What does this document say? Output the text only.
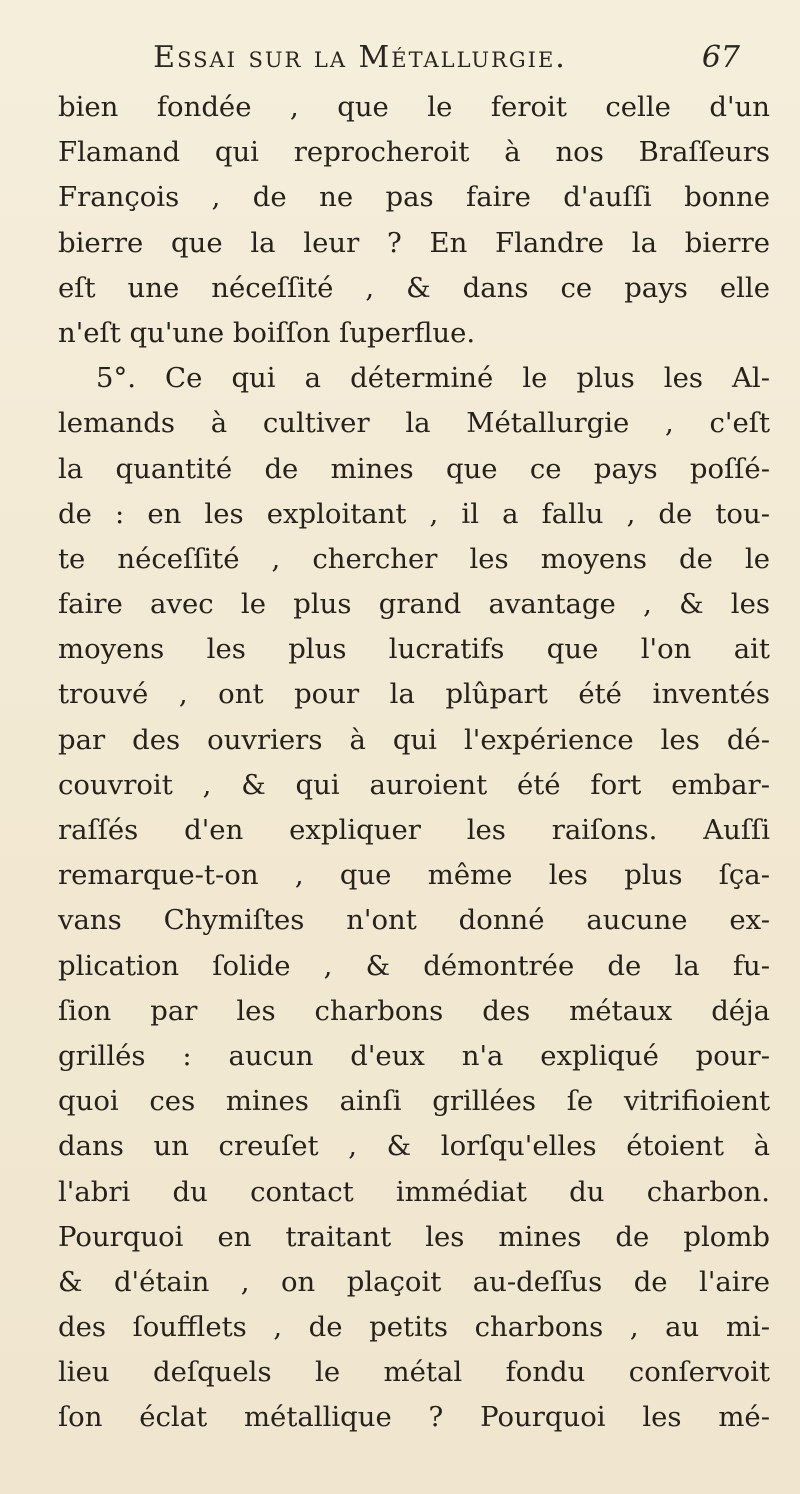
Essai sur la Métallurgie.	67
bien fondée , que le feroit celle d'un
Flamand qui reprocheroit à nos Braſſeurs
François , de ne pas faire d'auſſi bonne
bierre que la leur ? En Flandre la bierre
eſt une néceſſité , & dans ce pays elle
n'eſt qu'une boiſſon ſuperflue.
5°. Ce qui a déterminé le plus les Al-
lemands à cultiver la Métallurgie , c'eſt
la quantité de mines que ce pays poſſé-
de : en les exploitant , il a fallu , de tou-
te néceſſité , chercher les moyens de le
faire avec le plus grand avantage , & les
moyens les plus lucratifs que l'on ait
trouvé , ont pour la plûpart été inventés
par des ouvriers à qui l'expérience les dé-
couvroit , & qui auroient été fort embar-
raſſés d'en expliquer les raiſons. Auſſi
remarque-t-on , que même les plus ſça-
vans Chymiſtes n'ont donné aucune ex-
plication ſolide , & démontrée de la fu-
ſion par les charbons des métaux déja
grillés : aucun d'eux n'a expliqué pour-
quoi ces mines ainſi grillées ſe vitrifioient
dans un creuſet , & lorſqu'elles étoient à
l'abri du contact immédiat du charbon.
Pourquoi en traitant les mines de plomb
& d'étain , on plaçoit au-deſſus de l'aire
des ſoufflets , de petits charbons , au mi-
lieu deſquels le métal fondu conſervoit
ſon éclat métallique ? Pourquoi les mé-
